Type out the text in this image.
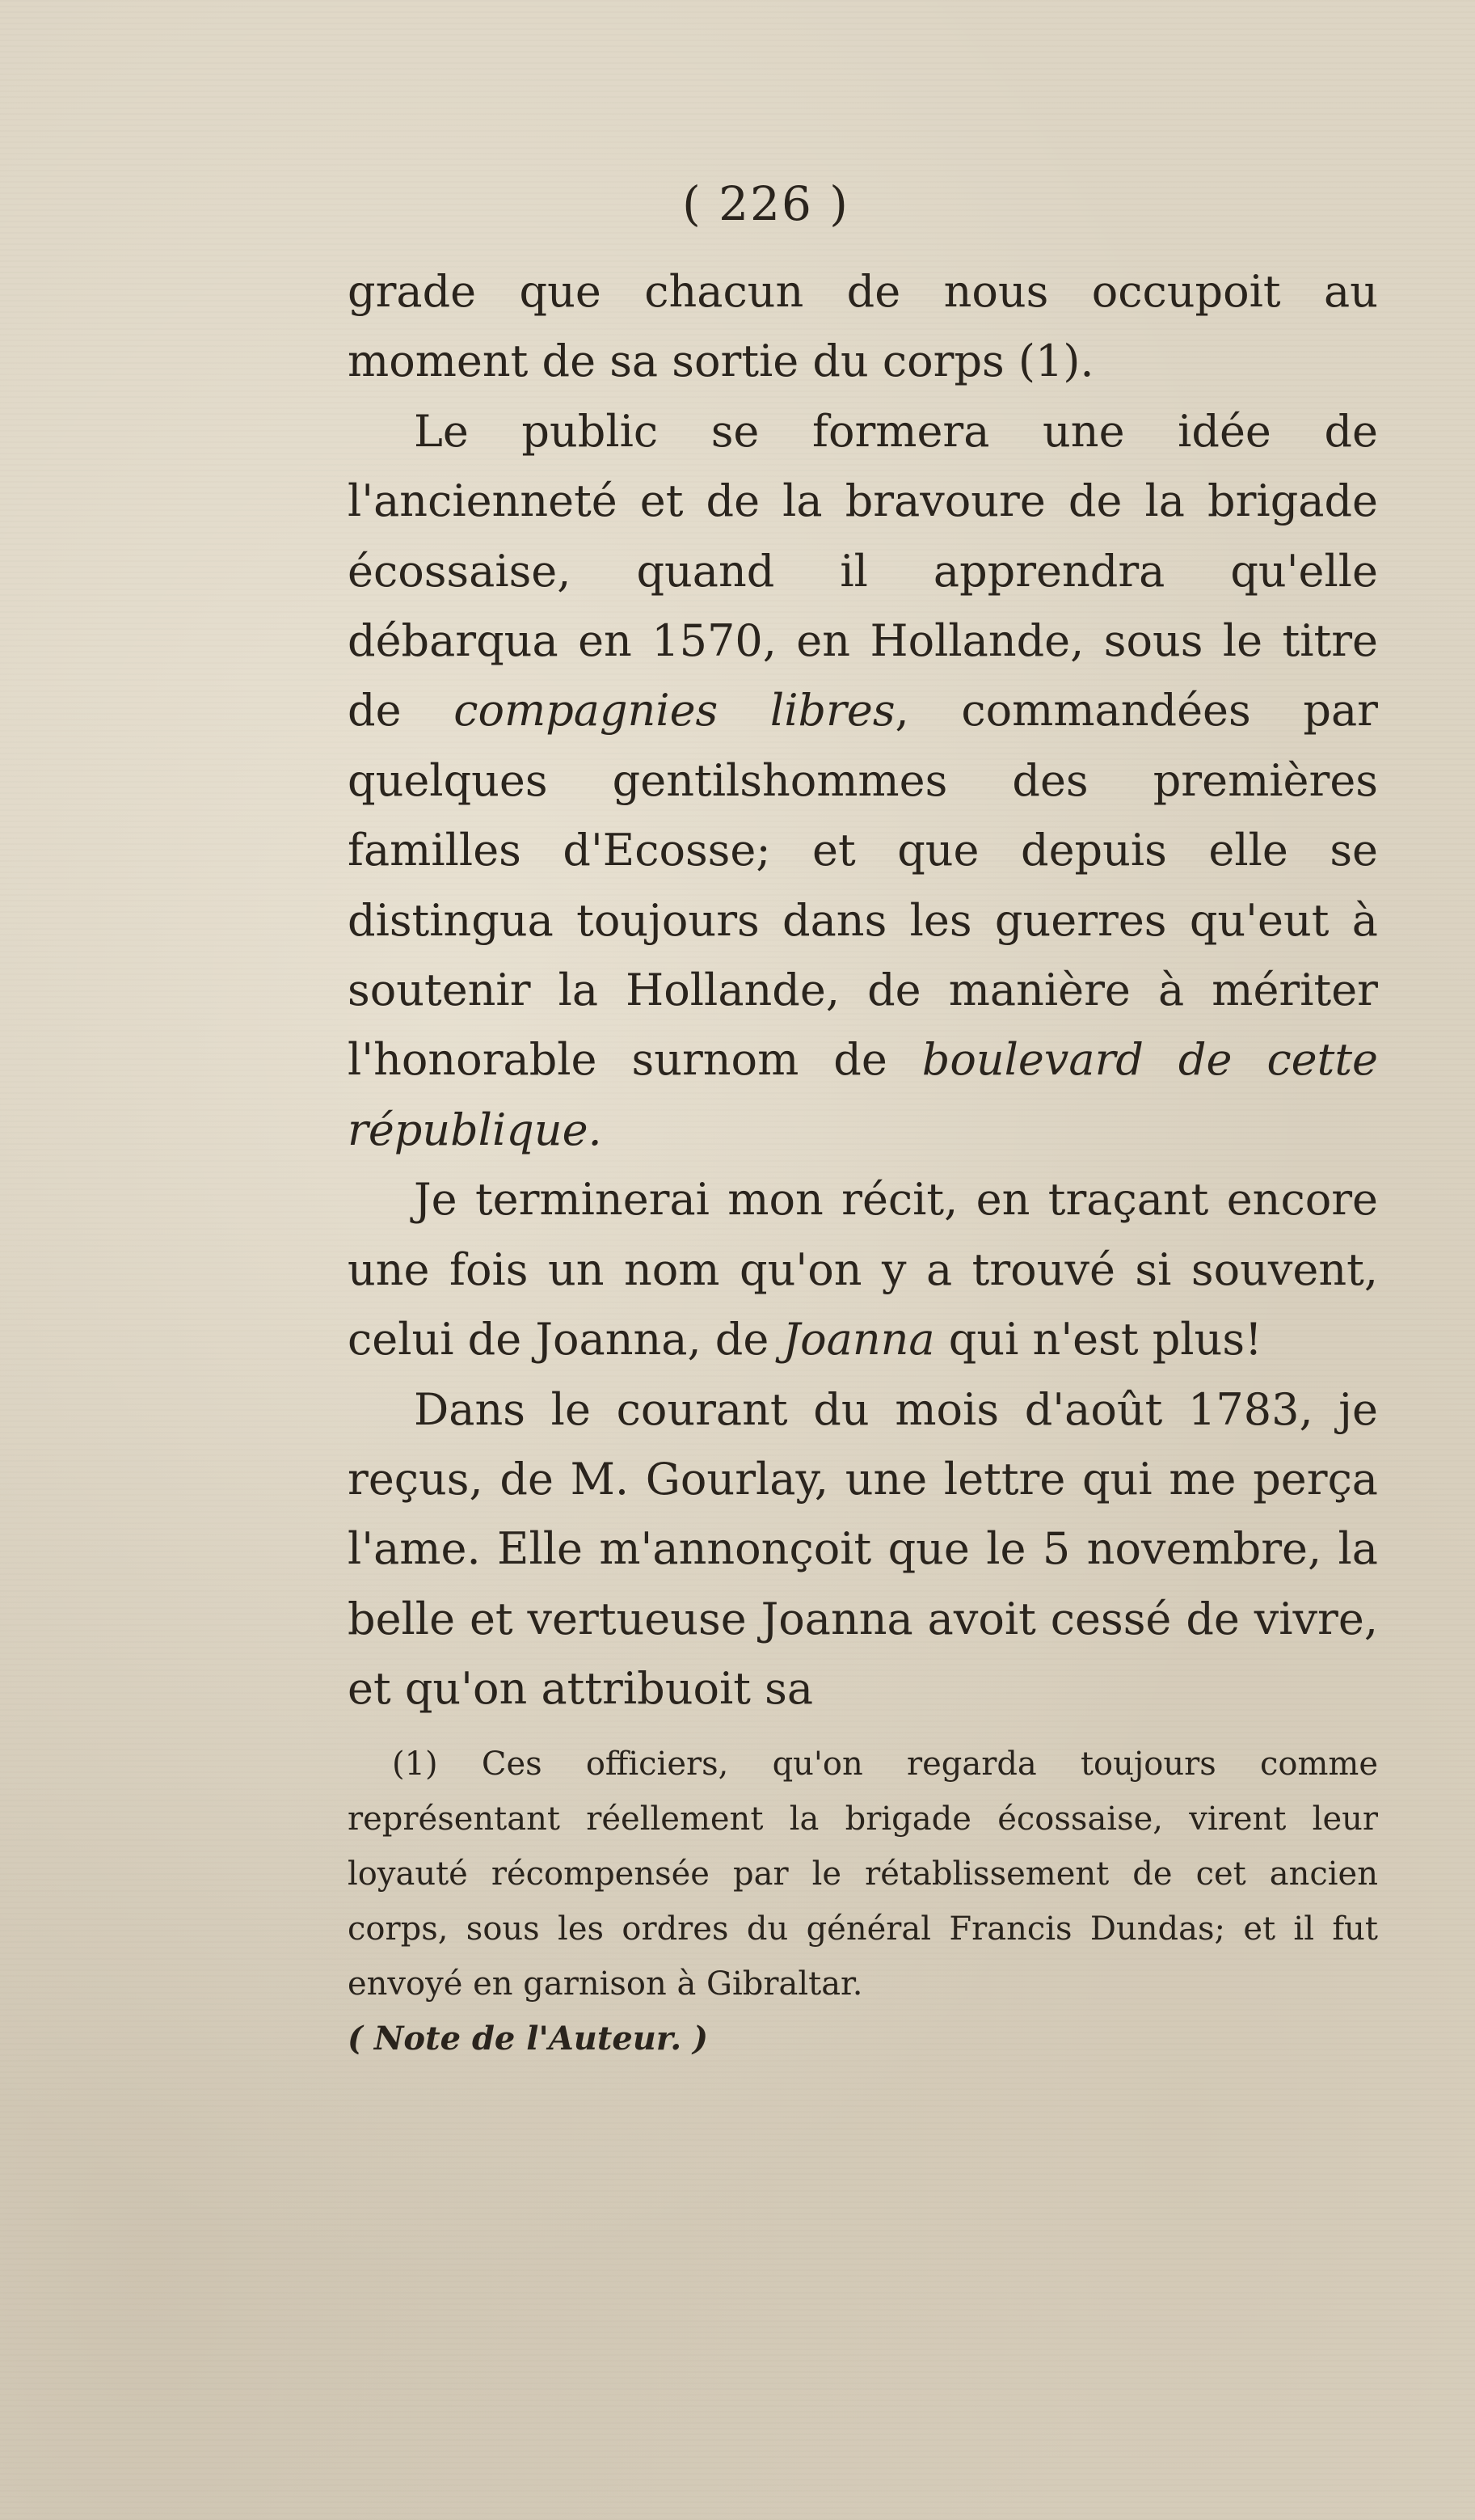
( 226 )

grade que chacun de nous occupoit au moment de sa sortie du corps (1).

Le public se formera une idée de l'ancienneté et de la bravoure de la brigade écossaise, quand il apprendra qu'elle débarqua en 1570, en Hollande, sous le titre de compagnies libres, commandées par quelques gentilshommes des premières familles d'Ecosse; et que depuis elle se distingua toujours dans les guerres qu'eut à soutenir la Hollande, de manière à mériter l'honorable surnom de boulevard de cette république.

Je terminerai mon récit, en traçant encore une fois un nom qu'on y a trouvé si souvent, celui de Joanna, de Joanna qui n'est plus!

Dans le courant du mois d'août 1783, je reçus, de M. Gourlay, une lettre qui me perça l'ame. Elle m'annonçoit que le 5 novembre, la belle et vertueuse Joanna avoit cessé de vivre, et qu'on attribuoit sa

(1) Ces officiers, qu'on regarda toujours comme représentant réellement la brigade écossaise, virent leur loyauté récompensée par le rétablissement de cet ancien corps, sous les ordres du général Francis Dundas; et il fut envoyé en garnison à Gibraltar.
( Note de l'Auteur. )
